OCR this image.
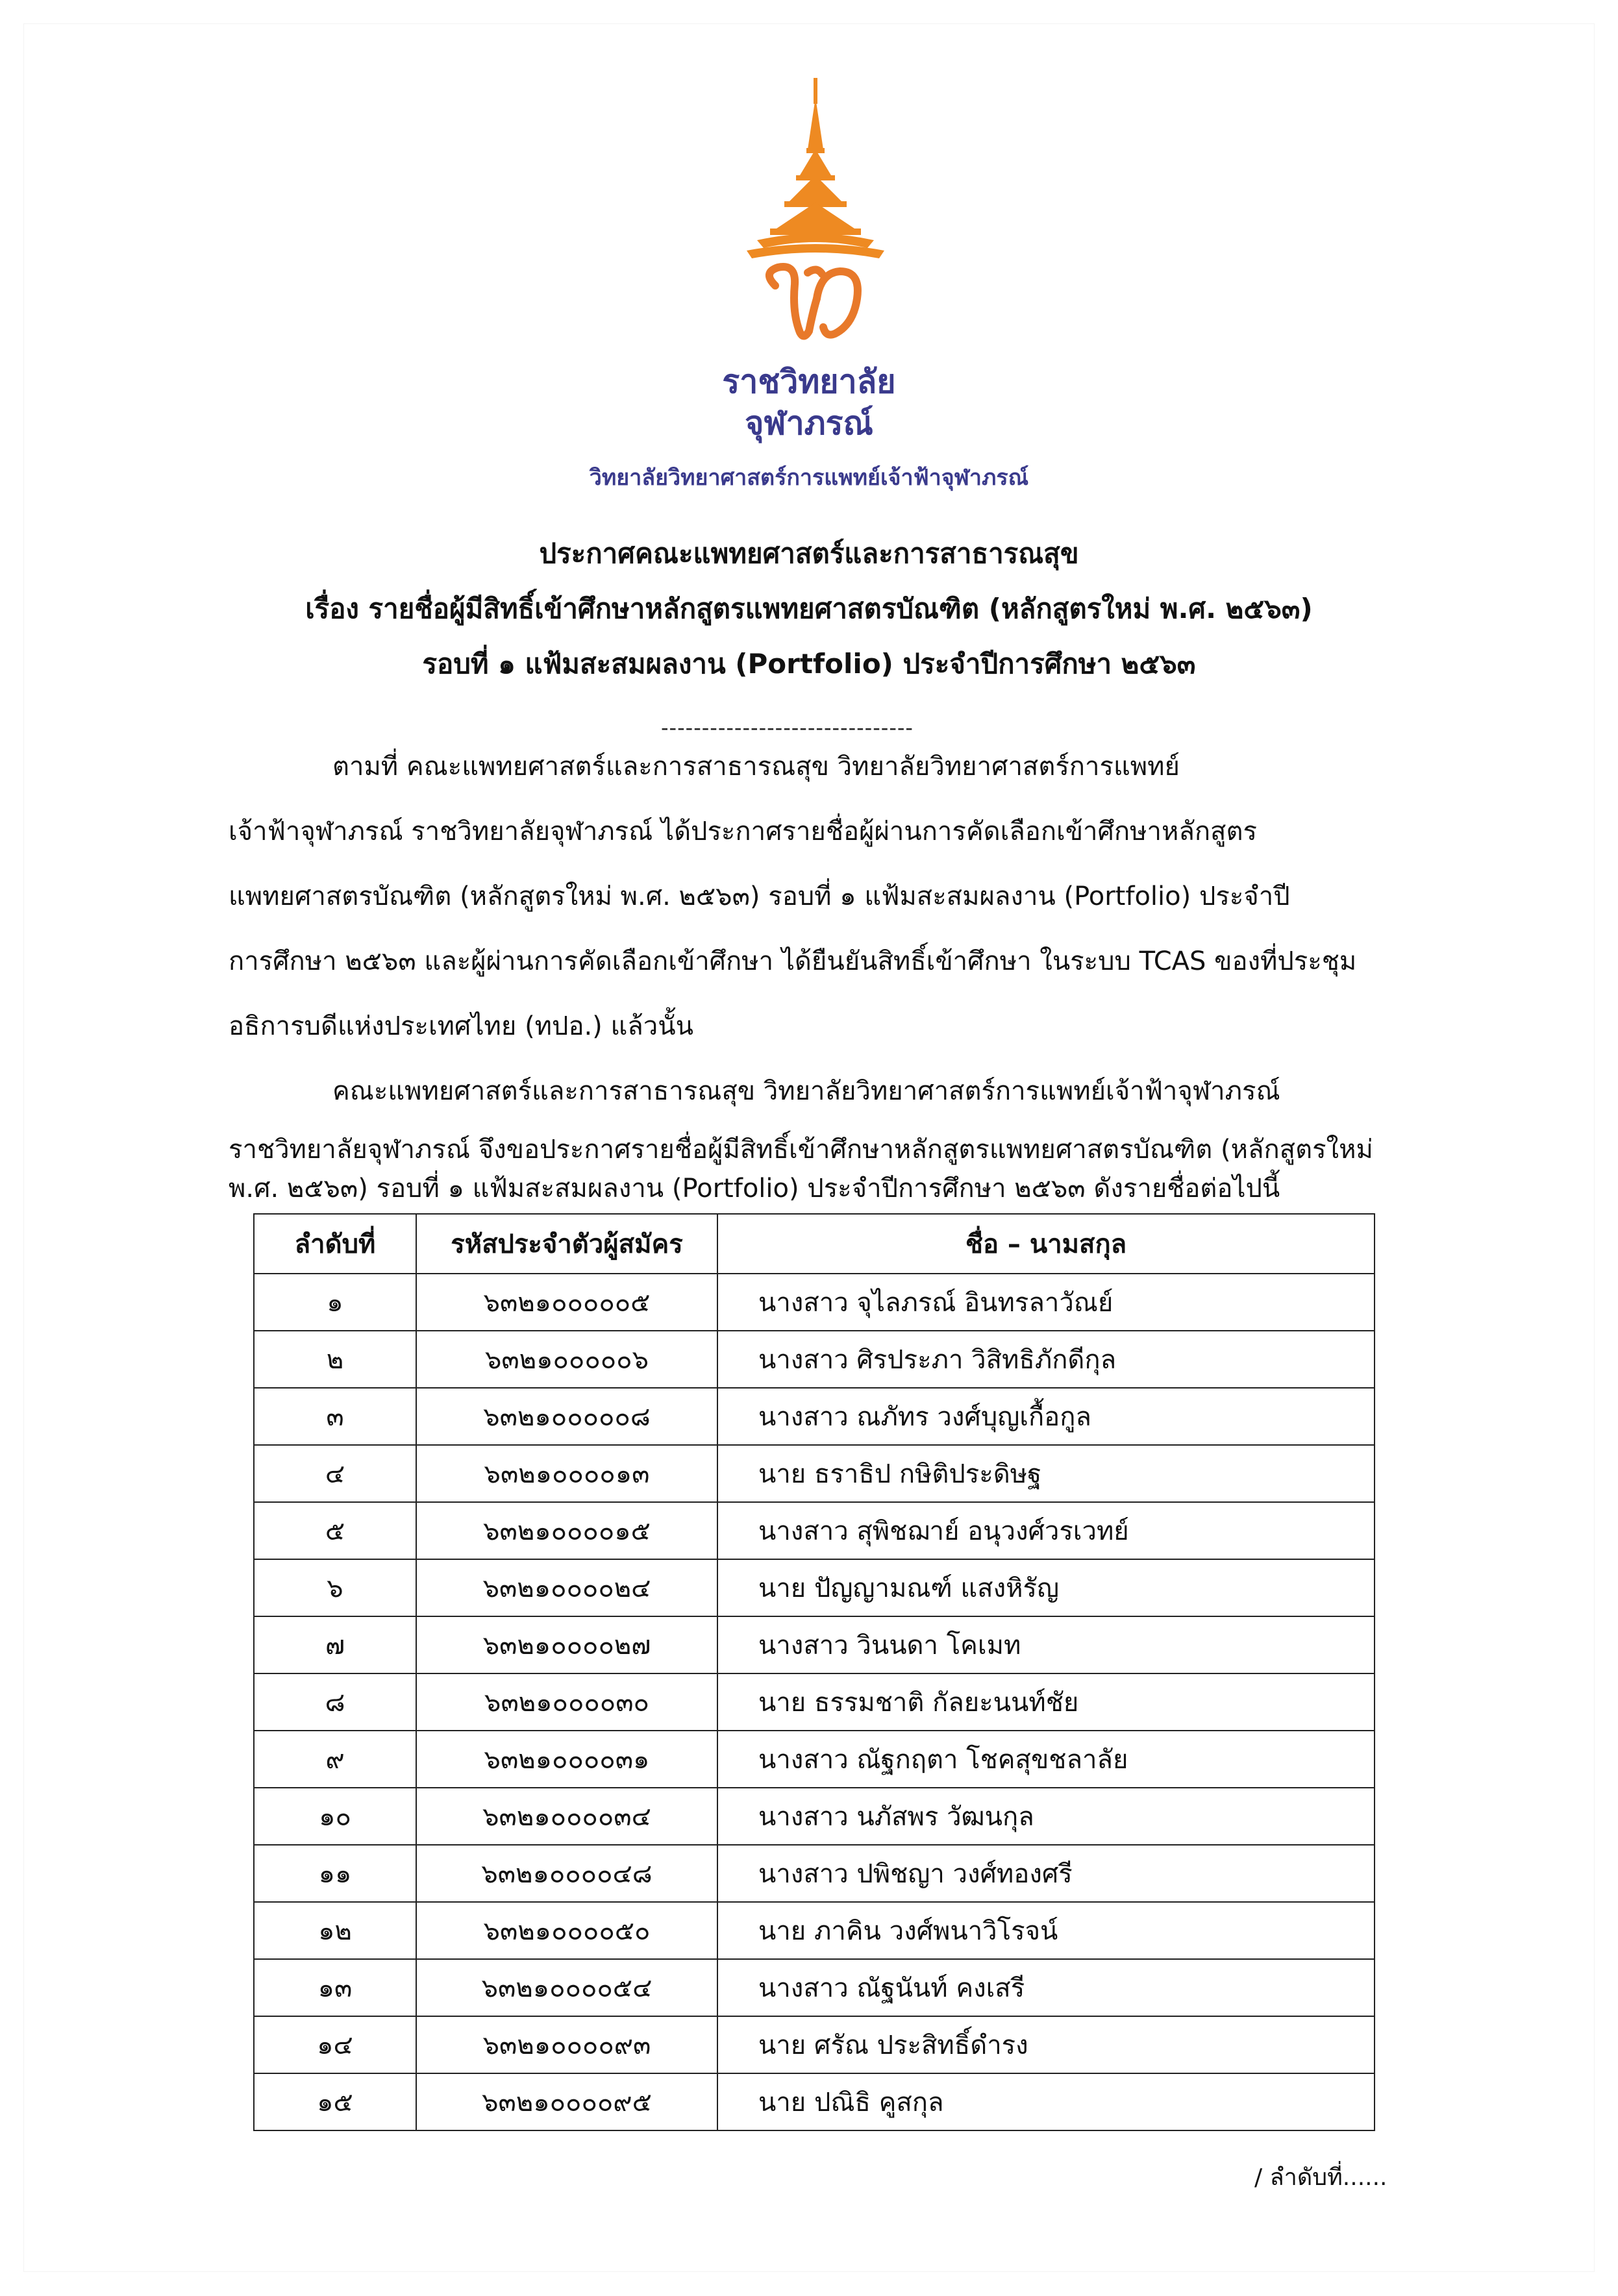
ราชวิทยาลัย
จุฬาภรณ์
วิทยาลัยวิทยาศาสตร์การแพทย์เจ้าฟ้าจุฬาภรณ์
ประกาศคณะแพทยศาสตร์และการสาธารณสุข
เรื่อง รายชื่อผู้มีสิทธิ์เข้าศึกษาหลักสูตรแพทยศาสตรบัณฑิต (หลักสูตรใหม่ พ.ศ. ๒๕๖๓)
รอบที่ ๑ แฟ้มสะสมผลงาน (Portfolio) ประจำปีการศึกษา ๒๕๖๓
-------------------------------
ตามที่ คณะแพทยศาสตร์และการสาธารณสุข วิทยาลัยวิทยาศาสตร์การแพทย์
เจ้าฟ้าจุฬาภรณ์ ราชวิทยาลัยจุฬาภรณ์ ได้ประกาศรายชื่อผู้ผ่านการคัดเลือกเข้าศึกษาหลักสูตร
แพทยศาสตรบัณฑิต (หลักสูตรใหม่ พ.ศ. ๒๕๖๓) รอบที่ ๑ แฟ้มสะสมผลงาน (Portfolio) ประจำปี
การศึกษา ๒๕๖๓ และผู้ผ่านการคัดเลือกเข้าศึกษา ได้ยืนยันสิทธิ์เข้าศึกษา ในระบบ TCAS ของที่ประชุม
อธิการบดีแห่งประเทศไทย (ทปอ.) แล้วนั้น
คณะแพทยศาสตร์และการสาธารณสุข วิทยาลัยวิทยาศาสตร์การแพทย์เจ้าฟ้าจุฬาภรณ์
ราชวิทยาลัยจุฬาภรณ์ จึงขอประกาศรายชื่อผู้มีสิทธิ์เข้าศึกษาหลักสูตรแพทยศาสตรบัณฑิต (หลักสูตรใหม่
พ.ศ. ๒๕๖๓) รอบที่ ๑ แฟ้มสะสมผลงาน (Portfolio) ประจำปีการศึกษา ๒๕๖๓ ดังรายชื่อต่อไปนี้
ลำดับที่	รหัสประจำตัวผู้สมัคร	ชื่อ – นามสกุล
๑	๖๓๒๑๐๐๐๐๐๕	นางสาว จุไลภรณ์ อินทรลาวัณย์
๒	๖๓๒๑๐๐๐๐๐๖	นางสาว ศิรประภา วิสิทธิภักดีกุล
๓	๖๓๒๑๐๐๐๐๐๘	นางสาว ณภัทร วงศ์บุญเกื้อกูล
๔	๖๓๒๑๐๐๐๐๑๓	นาย ธราธิป กษิติประดิษฐ
๕	๖๓๒๑๐๐๐๐๑๕	นางสาว สุพิชฌาย์ อนุวงศ์วรเวทย์
๖	๖๓๒๑๐๐๐๐๒๔	นาย ปัญญามณฑ์ แสงหิรัญ
๗	๖๓๒๑๐๐๐๐๒๗	นางสาว วินนดา โคเมท
๘	๖๓๒๑๐๐๐๐๓๐	นาย ธรรมชาติ กัลยะนนท์ชัย
๙	๖๓๒๑๐๐๐๐๓๑	นางสาว ณัฐกฤตา โชคสุขชลาลัย
๑๐	๖๓๒๑๐๐๐๐๓๔	นางสาว นภัสพร วัฒนกุล
๑๑	๖๓๒๑๐๐๐๐๔๘	นางสาว ปพิชญา วงศ์ทองศรี
๑๒	๖๓๒๑๐๐๐๐๕๐	นาย ภาคิน วงศ์พนาวิโรจน์
๑๓	๖๓๒๑๐๐๐๐๕๔	นางสาว ณัฐนันท์ คงเสรี
๑๔	๖๓๒๑๐๐๐๐๙๓	นาย ศรัณ ประสิทธิ์ดำรง
๑๕	๖๓๒๑๐๐๐๐๙๕	นาย ปณิธิ คูสกุล
/ ลำดับที่......
